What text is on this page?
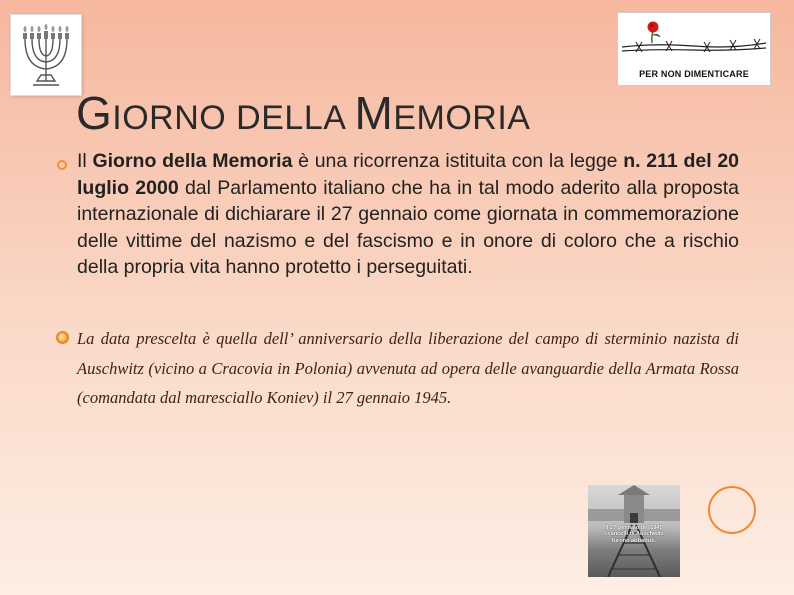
PER NON DIMENTICARE
GIORNO DELLA MEMORIA

Il Giorno della Memoria è una ricorrenza istituita con la legge n. 211 del 20 luglio 2000 dal Parlamento italiano che ha in tal modo aderito alla proposta internazionale di dichiarare il 27 gennaio come giornata in commemorazione delle vittime del nazismo e del fascismo e in onore di coloro che a rischio della propria vita hanno protetto i perseguitati.

La data prescelta è quella dell’ anniversario della liberazione del campo di sterminio nazista di Auschwitz (vicino a Cracovia in Polonia) avvenuta ad opera delle avanguardie della Armata Rossa (comandata dal maresciallo Koniev) il 27 gennaio 1945.

Il 27 gennaio del 1945
i cancelli di Auschwitz
furono abbattuti.
